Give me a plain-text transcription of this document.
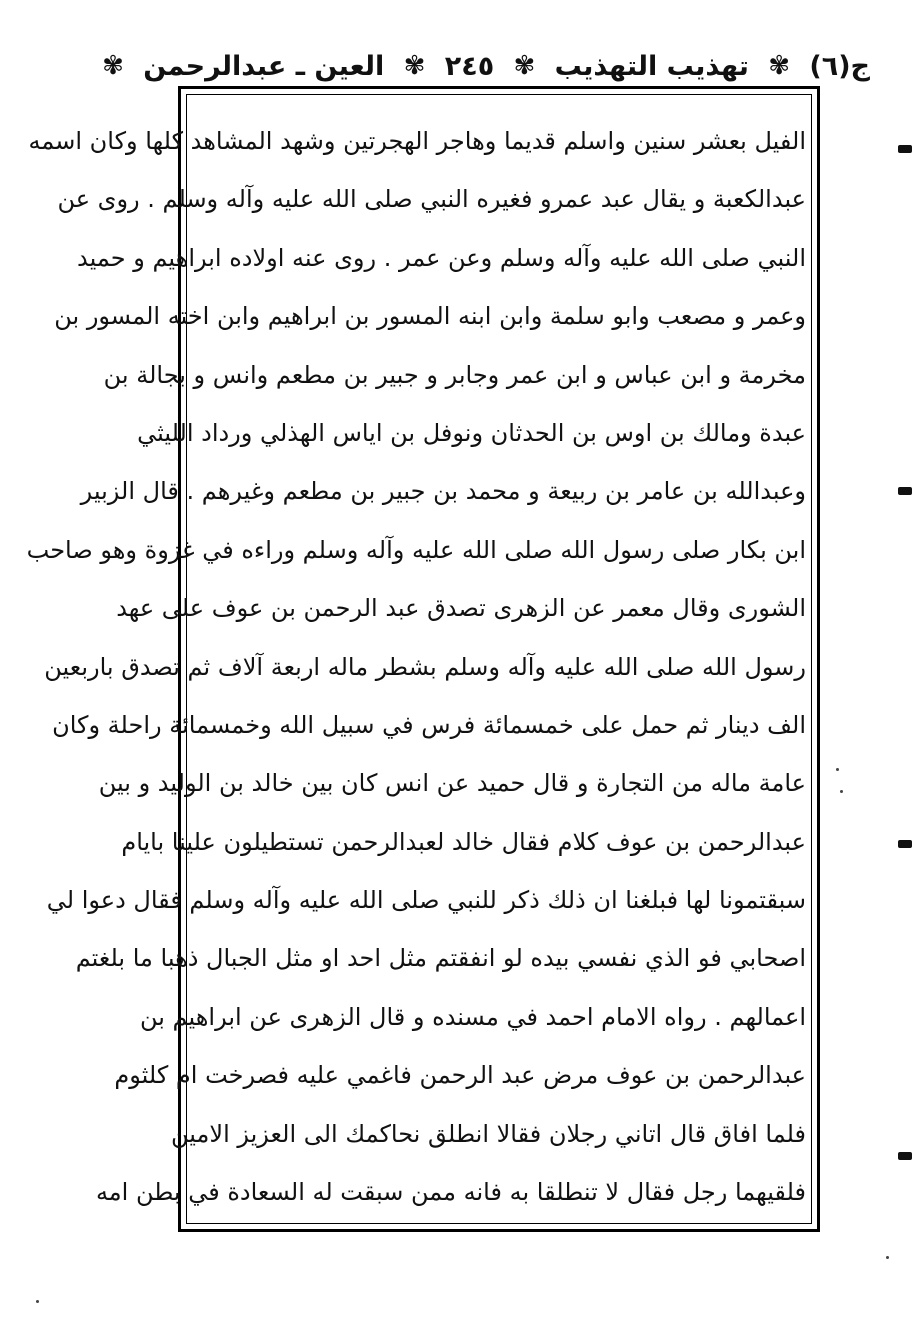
ج(٦)
✾
تهذيب التهذيب
✾
٢٤٥
✾
العين ـ عبدالرحمن
✾
الفيل بعشر سنين واسلم قديما وهاجر الهجرتين وشهد المشاهد كلها وكان اسمه
عبدالكعبة و يقال عبد عمرو فغيره النبي صلى الله عليه وآله وسلم . روى عن
النبي صلى الله عليه وآله وسلم وعن عمر . روى عنه اولاده ابراهيم و حميد
وعمر و مصعب وابو سلمة وابن ابنه المسور بن ابراهيم وابن اخته المسور بن
مخرمة و ابن عباس و ابن عمر وجابر و جبير بن مطعم وانس و بجالة بن
عبدة ومالك بن اوس بن الحدثان ونوفل بن اياس الهذلي ورداد الليثي
وعبدالله بن عامر بن ربيعة و محمد بن جبير بن مطعم وغيرهم . قال الزبير
ابن بكار صلى رسول الله صلى الله عليه وآله وسلم وراءه في غزوة وهو صاحب
الشورى وقال معمر عن الزهرى تصدق عبد الرحمن بن عوف على عهد
رسول الله صلى الله عليه وآله وسلم بشطر ماله اربعة آلاف ثم تصدق باربعين
الف دينار ثم حمل على خمسمائة فرس في سبيل الله وخمسمائة راحلة وكان
عامة ماله من التجارة و قال حميد عن انس كان بين خالد بن الوليد و بين
عبدالرحمن بن عوف كلام فقال خالد لعبدالرحمن تستطيلون علينا بايام
سبقتمونا لها فبلغنا ان ذلك ذكر للنبي صلى الله عليه وآله وسلم فقال دعوا لي
اصحابي فو الذي نفسي بيده لو انفقتم مثل احد او مثل الجبال ذهبا ما بلغتم
اعمالهم . رواه الامام احمد في مسنده و قال الزهرى عن ابراهيم بن
عبدالرحمن بن عوف مرض عبد الرحمن فاغمي عليه فصرخت ام كلثوم
فلما افاق قال اتاني رجلان فقالا انطلق نحاكمك الى العزيز الامين
فلقيهما رجل فقال لا تنطلقا به فانه ممن سبقت له السعادة في بطن امه
